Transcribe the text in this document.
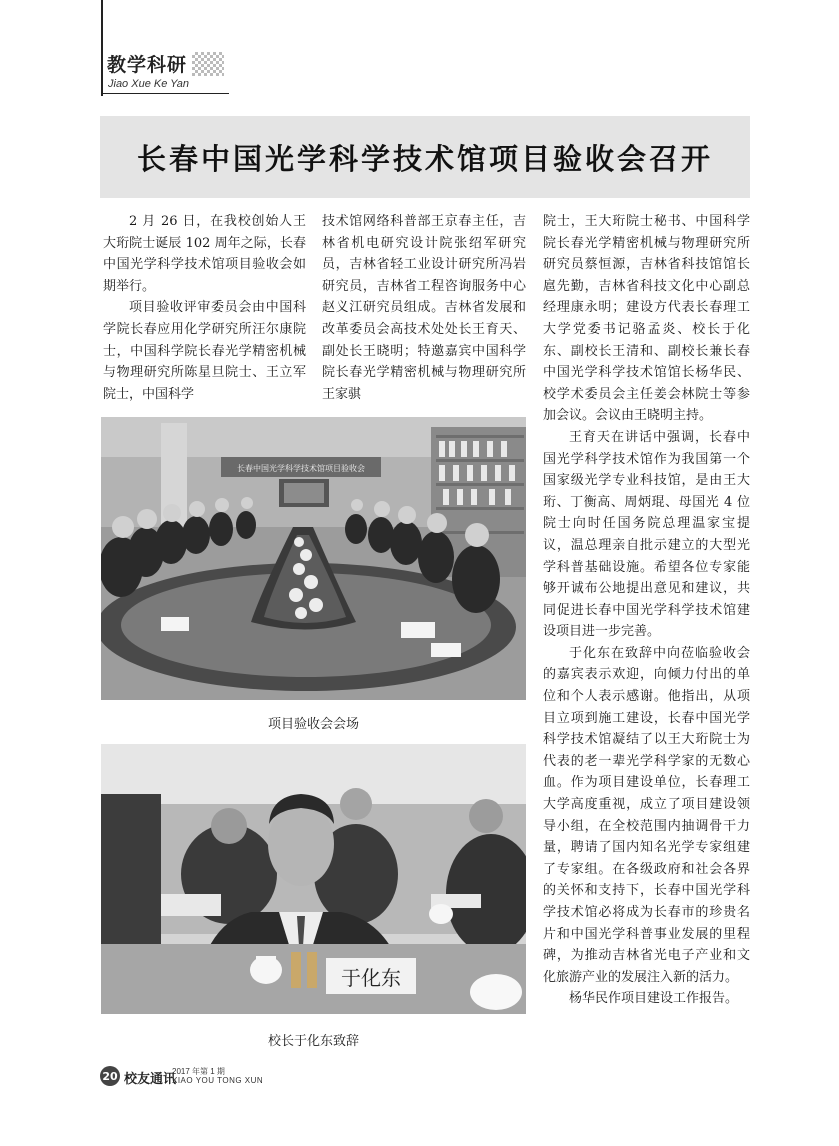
教学科研
Jiao Xue Ke Yan
长春中国光学科学技术馆项目验收会召开

2 月 26 日，在我校创始人王大珩院士诞辰 102 周年之际，长春中国光学科学技术馆项目验收会如期举行。

项目验收评审委员会由中国科学院长春应用化学研究所汪尔康院士，中国科学院长春光学精密机械与物理研究所陈星旦院士、王立军院士，中国科学

技术馆网络科普部王京春主任，吉林省机电研究设计院张绍军研究员，吉林省轻工业设计研究所冯岩研究员，吉林省工程咨询服务中心赵义江研究员组成。吉林省发展和改革委员会高技术处处长王育天、副处长王晓明；特邀嘉宾中国科学院长春光学精密机械与物理研究所王家骐

院士，王大珩院士秘书、中国科学院长春光学精密机械与物理研究所研究员蔡恒源，吉林省科技馆馆长扈先勤，吉林省科技文化中心副总经理康永明；建设方代表长春理工大学党委书记骆孟炎、校长于化东、副校长王清和、副校长兼长春中国光学科学技术馆馆长杨华民、校学术委员会主任姜会林院士等参加会议。会议由王晓明主持。

王育天在讲话中强调，长春中国光学科学技术馆作为我国第一个国家级光学专业科技馆，是由王大珩、丁衡高、周炳琨、母国光 4 位院士向时任国务院总理温家宝提议，温总理亲自批示建立的大型光学科普基础设施。希望各位专家能够开诚布公地提出意见和建议，共同促进长春中国光学科学技术馆建设项目进一步完善。

于化东在致辞中向莅临验收会的嘉宾表示欢迎，向倾力付出的单位和个人表示感谢。他指出，从项目立项到施工建设，长春中国光学科学技术馆凝结了以王大珩院士为代表的老一辈光学科学家的无数心血。作为项目建设单位，长春理工大学高度重视，成立了项目建设领导小组，在全校范围内抽调骨干力量，聘请了国内知名光学专家组建了专家组。在各级政府和社会各界的关怀和支持下，长春中国光学科学技术馆必将成为长春市的珍贵名片和中国光学科普事业发展的里程碑，为推动吉林省光电子产业和文化旅游产业的发展注入新的活力。

杨华民作项目建设工作报告。

长春中国光学科学技术馆项目验收会
项目验收会会场
于化东
校长于化东致辞
20 校友通讯
2017 年第 1 期
XIAO YOU TONG XUN
